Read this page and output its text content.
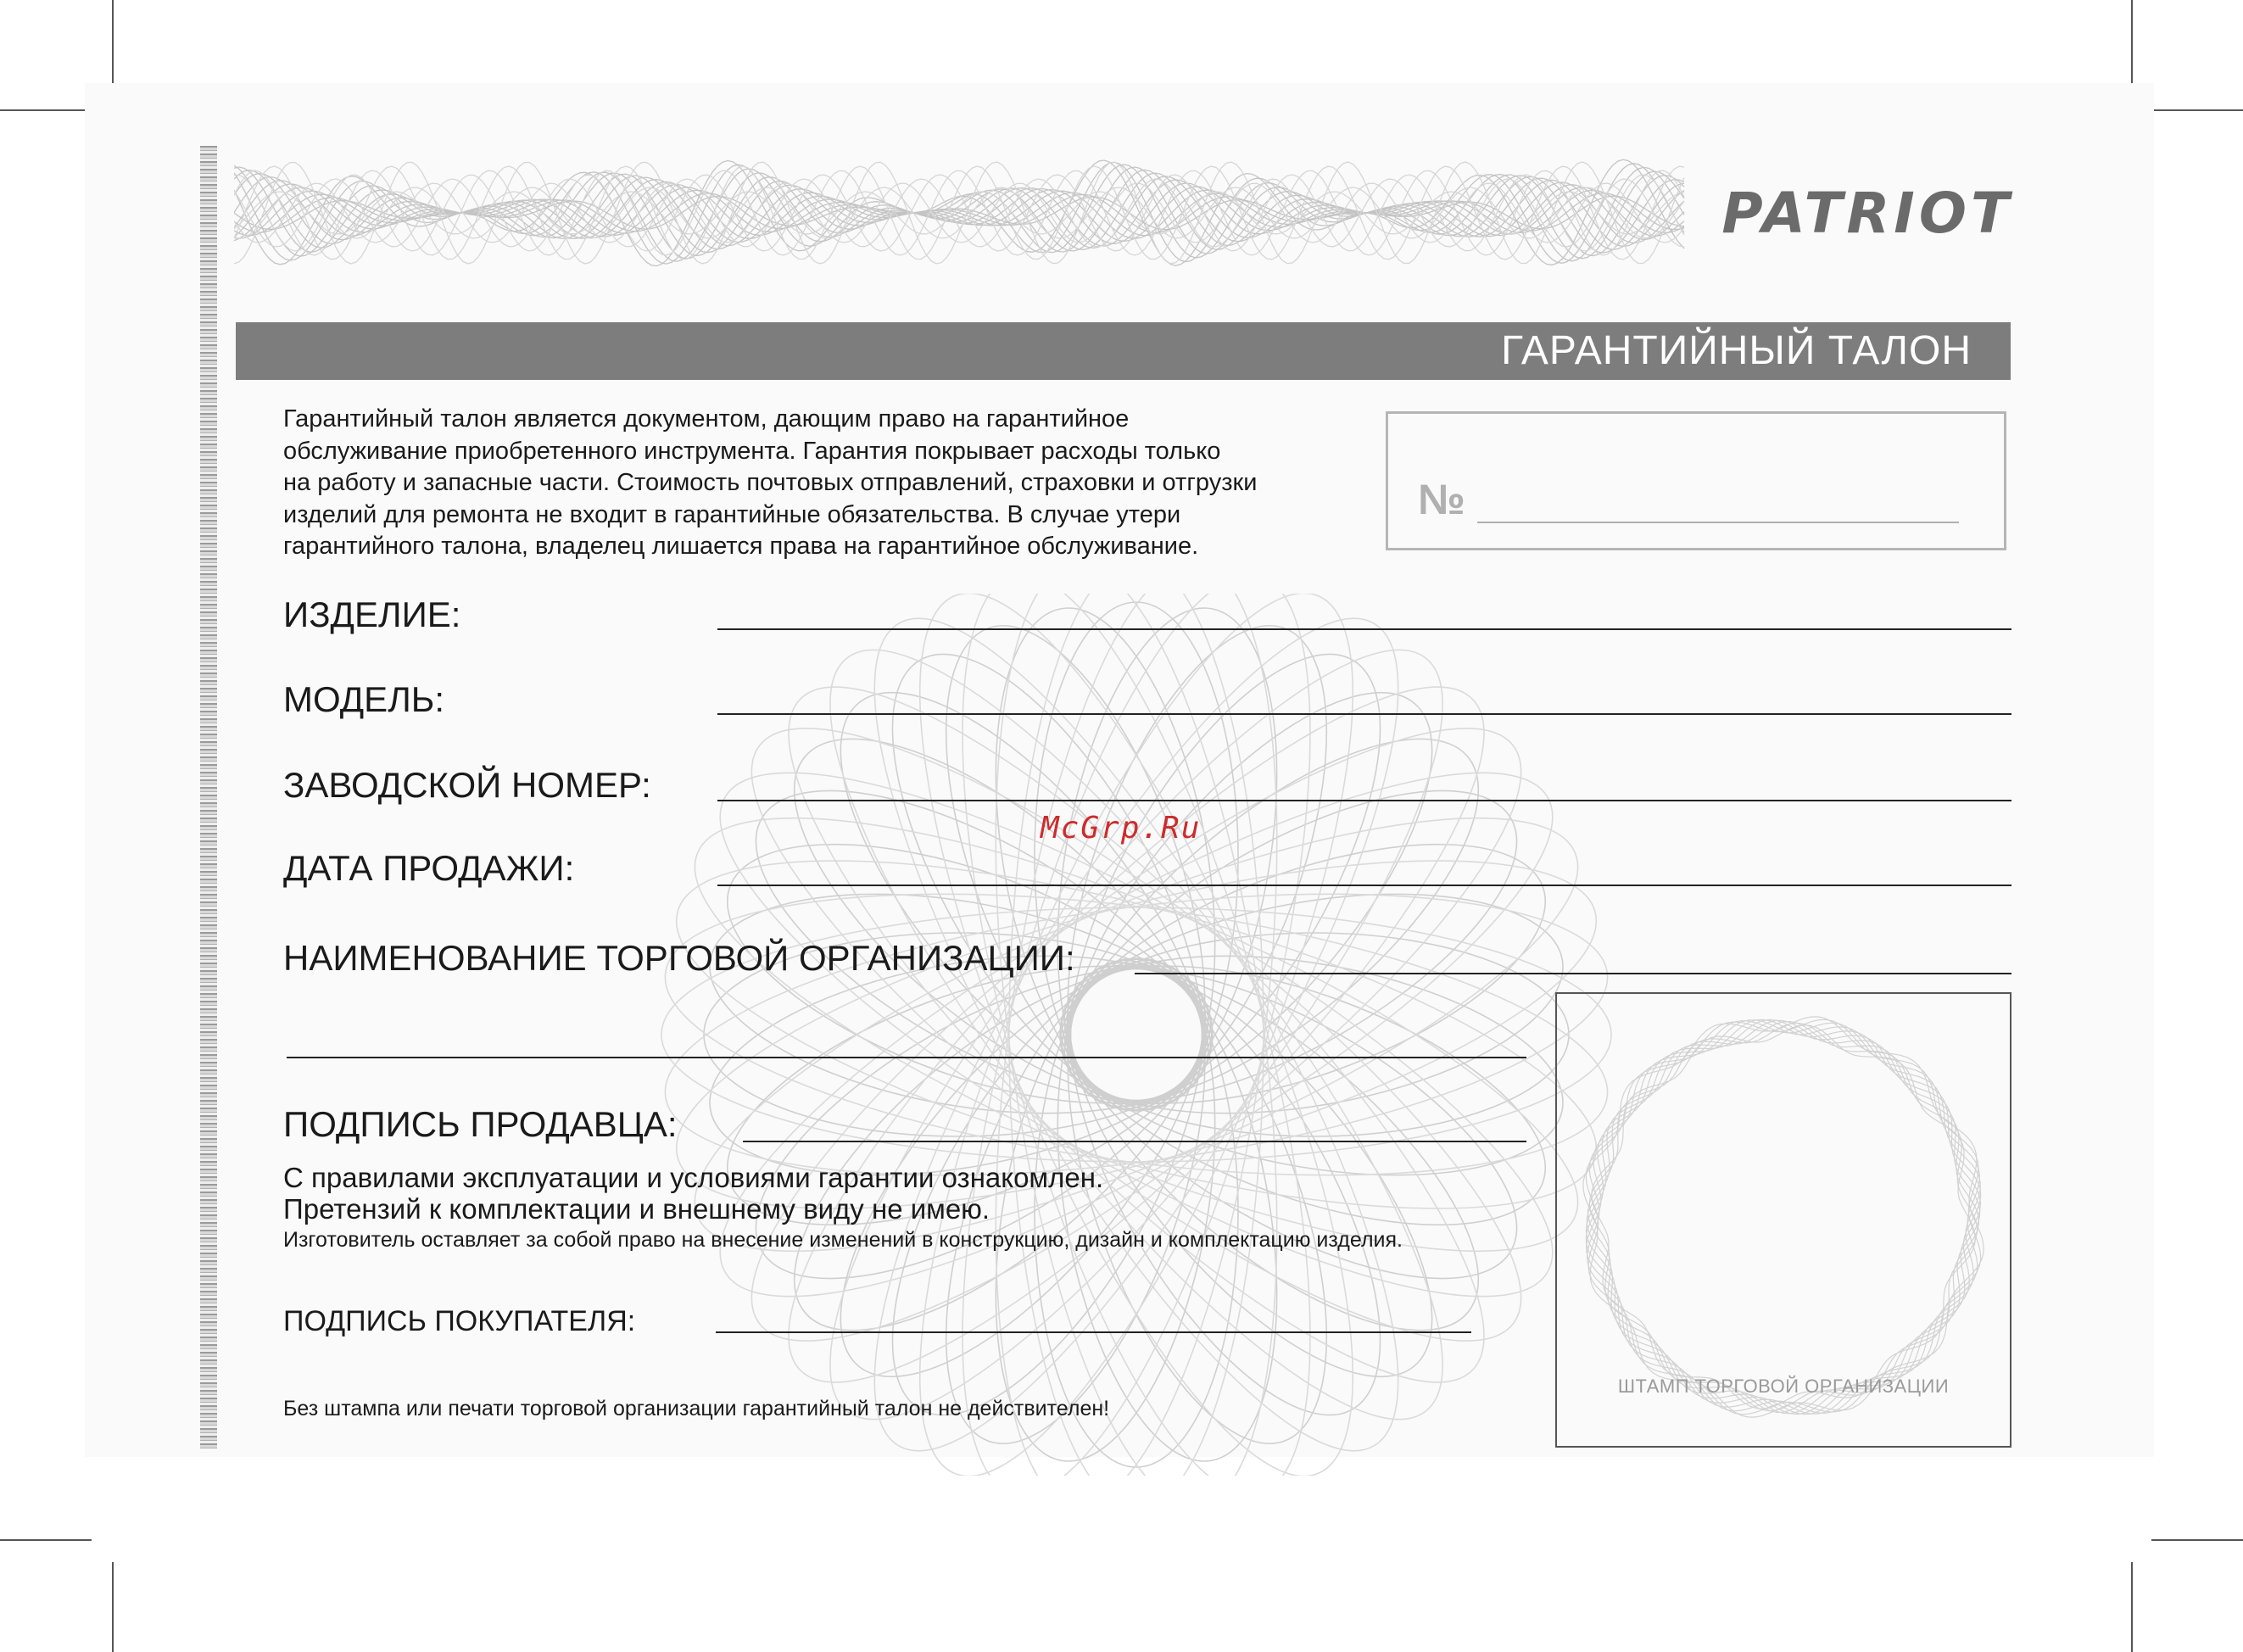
PATRIOT
ГАРАНТИЙНЫЙ ТАЛОН
Гарантийный талон является документом, дающим право на гарантийное
обслуживание приобретенного инструмента. Гарантия покрывает расходы только
на работу и запасные части. Стоимость почтовых отправлений, страховки и отгрузки
изделий для ремонта не входит в гарантийные обязательства. В случае утери
гарантийного талона, владелец лишается права на гарантийное обслуживание.
№
ИЗДЕЛИЕ:
МОДЕЛЬ:
ЗАВОДСКОЙ НОМЕР:
ДАТА ПРОДАЖИ:
НАИМЕНОВАНИЕ ТОРГОВОЙ ОРГАНИЗАЦИИ:
ПОДПИСЬ ПРОДАВЦА:
С правилами эксплуатации и условиями гарантии ознакомлен.
Претензий к комплектации и внешнему виду не имею.
Изготовитель оставляет за собой право на внесение изменений в конструкцию, дизайн и комплектацию изделия.
ПОДПИСЬ ПОКУПАТЕЛЯ:
Без штампа или печати торговой организации гарантийный талон не действителен!
ШТАМП ТОРГОВОЙ ОРГАНИЗАЦИИ
McGrp.Ru
